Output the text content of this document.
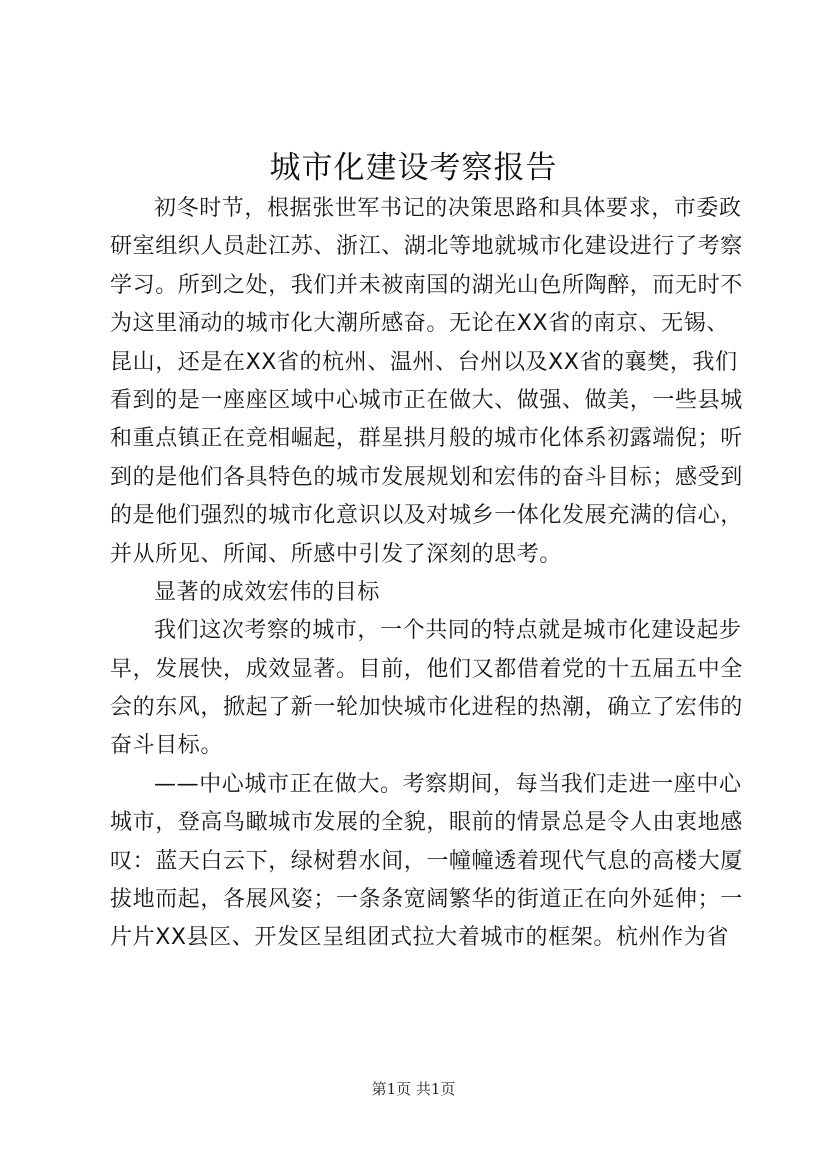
城市化建设考察报告
初冬时节，根据张世军书记的决策思路和具体要求，市委政
研室组织人员赴江苏、浙江、湖北等地就城市化建设进行了考察
学习。所到之处，我们并未被南国的湖光山色所陶醉，而无时不
为这里涌动的城市化大潮所感奋。无论在XX省的南京、无锡、
昆山，还是在XX省的杭州、温州、台州以及XX省的襄樊，我们
看到的是一座座区域中心城市正在做大、做强、做美，一些县城
和重点镇正在竞相崛起，群星拱月般的城市化体系初露端倪；听
到的是他们各具特色的城市发展规划和宏伟的奋斗目标；感受到
的是他们强烈的城市化意识以及对城乡一体化发展充满的信心，
并从所见、所闻、所感中引发了深刻的思考。
显著的成效宏伟的目标
我们这次考察的城市，一个共同的特点就是城市化建设起步
早，发展快，成效显著。目前，他们又都借着党的十五届五中全
会的东风，掀起了新一轮加快城市化进程的热潮，确立了宏伟的
奋斗目标。
——中心城市正在做大。考察期间，每当我们走进一座中心
城市，登高鸟瞰城市发展的全貌，眼前的情景总是令人由衷地感
叹：蓝天白云下，绿树碧水间，一幢幢透着现代气息的高楼大厦
拔地而起，各展风姿；一条条宽阔繁华的街道正在向外延伸；一
片片XX县区、开发区呈组团式拉大着城市的框架。杭州作为省
第1页 共1页
